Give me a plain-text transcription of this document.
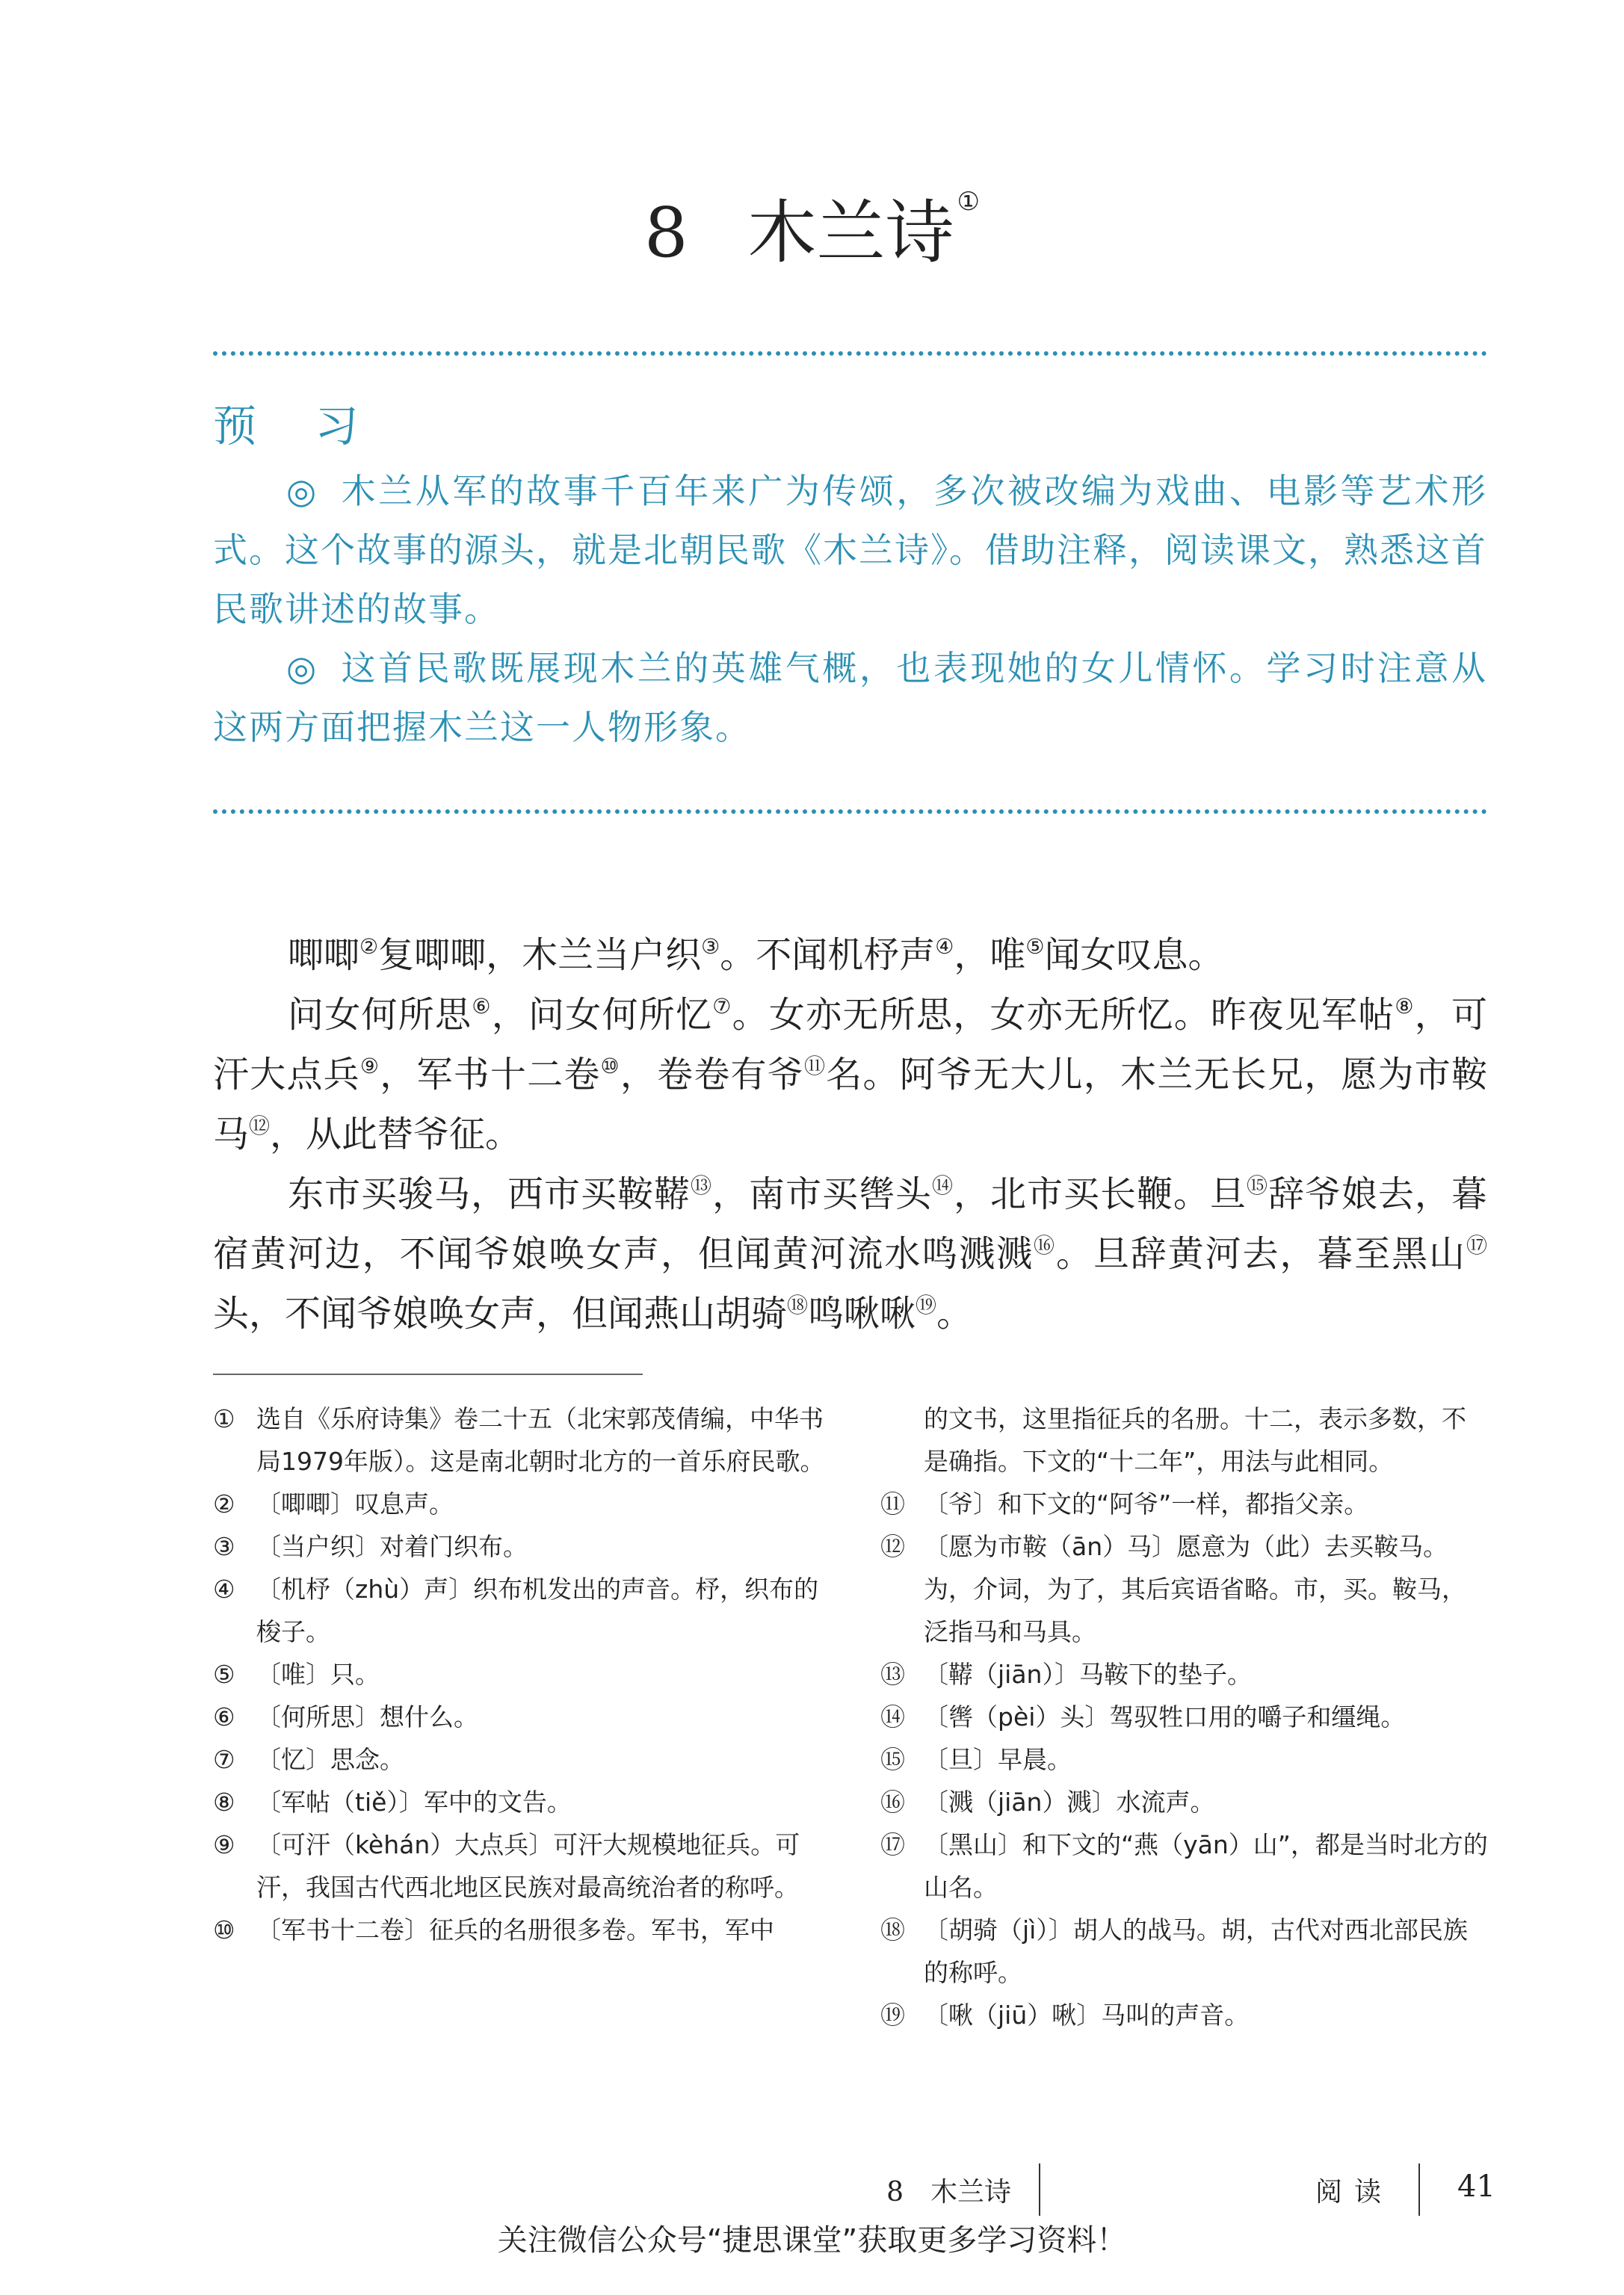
8 木兰诗 ①
预 习

◎ 木兰从军的故事千百年来广为传颂，多次被改编为戏曲、电影等艺术形式。这个故事的源头，就是北朝民歌《木兰诗》。借助注释，阅读课文，熟悉这首民歌讲述的故事。

◎ 这首民歌既展现木兰的英雄气概，也表现她的女儿情怀。学习时注意从这两方面把握木兰这一人物形象。

唧唧②复唧唧，木兰当户织③。不闻机杼声④，唯⑤闻女叹息。

问女何所思⑥，问女何所忆⑦。女亦无所思，女亦无所忆。昨夜见军帖⑧，可汗大点兵⑨，军书十二卷⑩，卷卷有爷⑪名。阿爷无大儿，木兰无长兄，愿为市鞍马⑫，从此替爷征。

东市买骏马，西市买鞍鞯⑬，南市买辔头⑭，北市买长鞭。旦⑮辞爷娘去，暮宿黄河边，不闻爷娘唤女声，但闻黄河流水鸣溅溅⑯。旦辞黄河去，暮至黑山⑰头，不闻爷娘唤女声，但闻燕山胡骑⑱鸣啾啾⑲。

① 选自《乐府诗集》卷二十五（北宋郭茂倩编，中华书局1979年版）。这是南北朝时北方的一首乐府民歌。
② 〔唧唧〕叹息声。
③ 〔当户织〕对着门织布。
④ 〔机杼（zhù）声〕织布机发出的声音。杼，织布的梭子。
⑤ 〔唯〕只。
⑥ 〔何所思〕想什么。
⑦ 〔忆〕思念。
⑧ 〔军帖（tiě）〕军中的文告。
⑨ 〔可汗（kèhán）大点兵〕可汗大规模地征兵。可汗，我国古代西北地区民族对最高统治者的称呼。
⑩ 〔军书十二卷〕征兵的名册很多卷。军书，军中
的文书，这里指征兵的名册。十二，表示多数，不是确指。下文的“十二年”，用法与此相同。
⑪ 〔爷〕和下文的“阿爷”一样，都指父亲。
⑫ 〔愿为市鞍（ān）马〕愿意为（此）去买鞍马。为，介词，为了，其后宾语省略。市，买。鞍马，泛指马和马具。
⑬ 〔鞯（jiān）〕马鞍下的垫子。
⑭ 〔辔（pèi）头〕驾驭牲口用的嚼子和缰绳。
⑮ 〔旦〕早晨。
⑯ 〔溅（jiān）溅〕水流声。
⑰ 〔黑山〕和下文的“燕（yān）山”，都是当时北方的山名。
⑱ 〔胡骑（jì）〕胡人的战马。胡，古代对西北部民族的称呼。
⑲ 〔啾（jiū）啾〕马叫的声音。
8　木兰诗	阅读 41
关注微信公众号“捷思课堂”获取更多学习资料！
